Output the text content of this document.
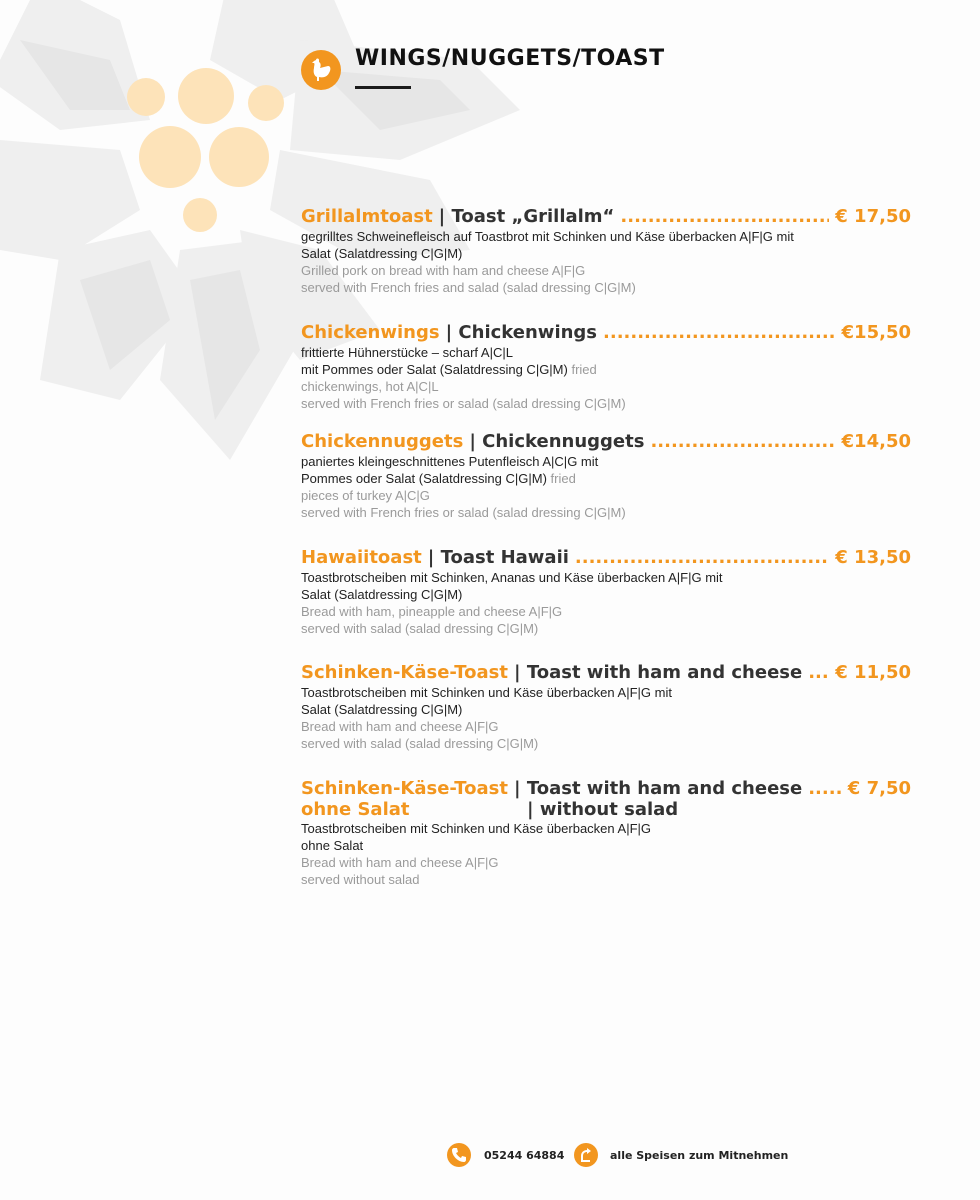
WINGS/NUGGETS/TOAST
Grillalmtoast | Toast „Grillalm“ .....	€ 17,50
gegrilltes Schweinefleisch auf Toastbrot mit Schinken und Käse überbacken A|F|G mit
Salat (Salatdressing C|G|M)
Grilled pork on bread with ham and cheese A|F|G
served with French fries and salad (salad dressing C|G|M)
Chickenwings | Chickenwings .....	€15,50
frittierte Hühnerstücke – scharf A|C|L
mit Pommes oder Salat (Salatdressing C|G|M) fried
chickenwings, hot A|C|L
served with French fries or salad (salad dressing C|G|M)
Chickennuggets | Chickennuggets .....	€14,50
paniertes kleingeschnittenes Putenfleisch A|C|G mit
Pommes oder Salat (Salatdressing C|G|M) fried
pieces of turkey A|C|G
served with French fries or salad (salad dressing C|G|M)
Hawaiitoast | Toast Hawaii .....	€ 13,50
Toastbrotscheiben mit Schinken, Ananas und Käse überbacken A|F|G mit
Salat (Salatdressing C|G|M)
Bread with ham, pineapple and cheese A|F|G
served with salad (salad dressing C|G|M)
Schinken-Käse-Toast | Toast with ham and cheese ..... € 11,50
Toastbrotscheiben mit Schinken und Käse überbacken A|F|G mit
Salat (Salatdressing C|G|M)
Bread with ham and cheese A|F|G
served with salad (salad dressing C|G|M)
Schinken-Käse-Toast | Toast with ham and cheese .....	€ 7,50
ohne Salat	| without salad
Toastbrotscheiben mit Schinken und Käse überbacken A|F|G
ohne Salat
Bread with ham and cheese A|F|G
served without salad
05244 64884	alle Speisen zum Mitnehmen
